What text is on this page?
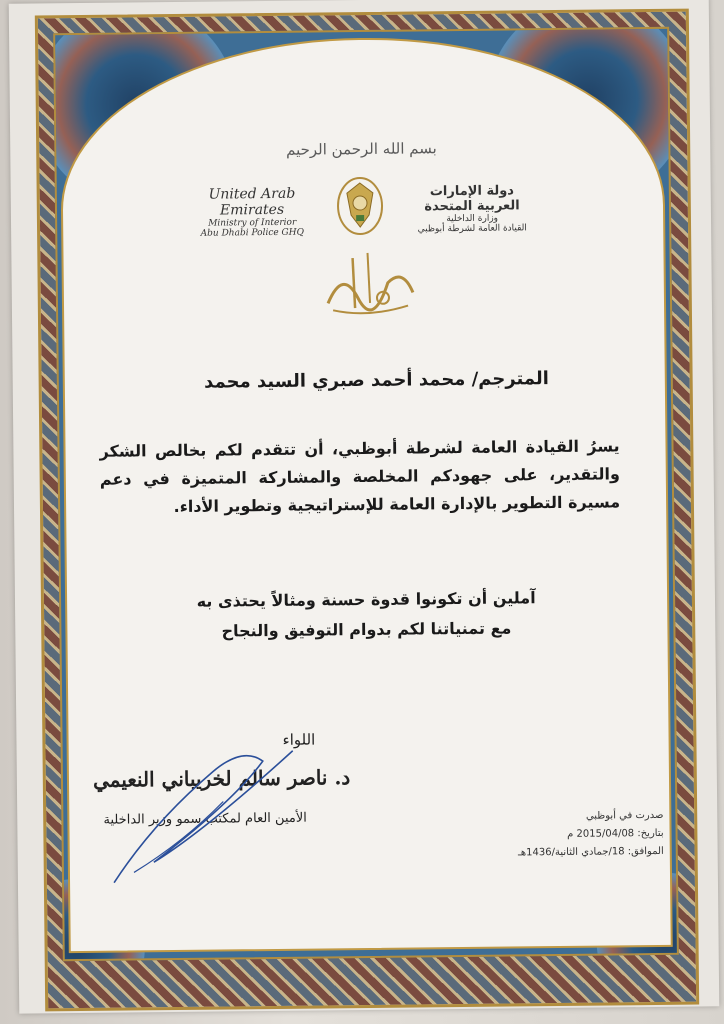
بسم الله الرحمن الرحيم
United Arab Emirates
Ministry of Interior
Abu Dhabi Police GHQ
دولة الإمارات العربية المتحدة
وزارة الداخلية
القيادة العامة لشرطة أبوظبي
المترجم/ محمد أحمد صبري السيد محمد
يسرُ القيادة العامة لشرطة أبوظبي، أن تتقدم لكم بخالص الشكر والتقدير، على جهودكم المخلصة والمشاركة المتميزة في دعم مسيرة التطوير بالإدارة العامة للإستراتيجية وتطوير الأداء.
آملين أن تكونوا قدوة حسنة ومثالاً يحتذى به
مع تمنياتنا لكم بدوام التوفيق والنجاح
اللواء
د. ناصر سالم لخريباني النعيمي
الأمين العام لمكتب سمو وزير الداخلية	صدرت في أبوظبي
بتاريخ: 2015/04/08 م
الموافق: 18/جمادي الثانية/1436هـ
